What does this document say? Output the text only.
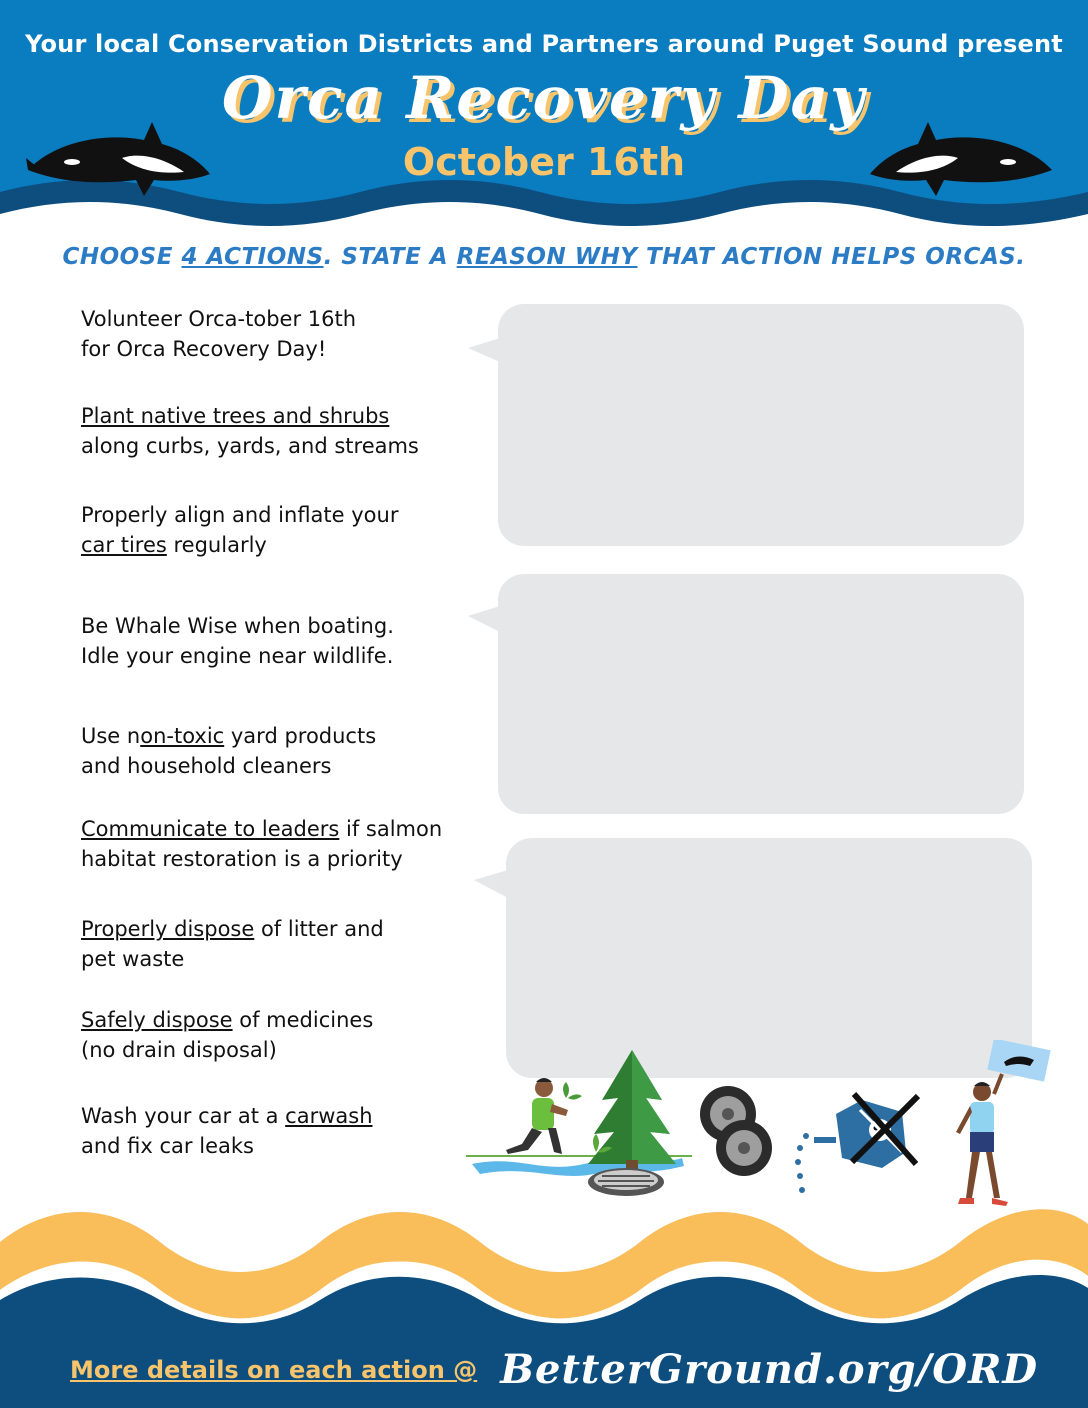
Your local Conservation Districts and Partners around Puget Sound present
Orca Recovery Day
October 16th
CHOOSE 4 ACTIONS. STATE A REASON WHY THAT ACTION HELPS ORCAS.
Volunteer Orca-tober 16th
for Orca Recovery Day!
Plant native trees and shrubs
along curbs, yards, and streams
Properly align and inflate your
car tires regularly
Be Whale Wise when boating.
Idle your engine near wildlife.
Use non-toxic yard products
and household cleaners
Communicate to leaders if salmon
habitat restoration is a priority
Properly dispose of litter and
pet waste
Safely dispose of medicines
(no drain disposal)
Wash your car at a carwash
and fix car leaks
More details on each action @ BetterGround.org/ORD
